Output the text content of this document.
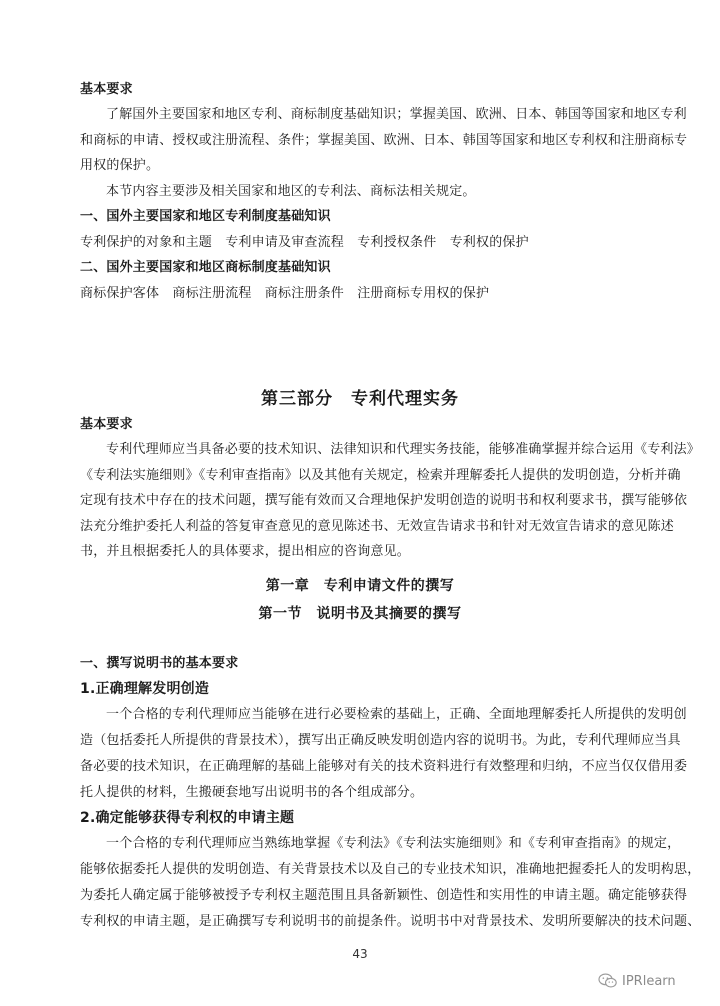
基本要求
了解国外主要国家和地区专利、商标制度基础知识；掌握美国、欧洲、日本、韩国等国家和地区专利
和商标的申请、授权或注册流程、条件；掌握美国、欧洲、日本、韩国等国家和地区专利权和注册商标专
用权的保护。
本节内容主要涉及相关国家和地区的专利法、商标法相关规定。
一、国外主要国家和地区专利制度基础知识
专利保护的对象和主题　专利申请及审查流程　专利授权条件　专利权的保护
二、国外主要国家和地区商标制度基础知识
商标保护客体　商标注册流程　商标注册条件　注册商标专用权的保护
第三部分　专利代理实务
基本要求
专利代理师应当具备必要的技术知识、法律知识和代理实务技能，能够准确掌握并综合运用《专利法》
《专利法实施细则》《专利审查指南》以及其他有关规定，检索并理解委托人提供的发明创造，分析并确
定现有技术中存在的技术问题，撰写能有效而又合理地保护发明创造的说明书和权利要求书，撰写能够依
法充分维护委托人利益的答复审查意见的意见陈述书、无效宣告请求书和针对无效宣告请求的意见陈述
书，并且根据委托人的具体要求，提出相应的咨询意见。
第一章　专利申请文件的撰写
第一节　说明书及其摘要的撰写
一、撰写说明书的基本要求
1.正确理解发明创造
一个合格的专利代理师应当能够在进行必要检索的基础上，正确、全面地理解委托人所提供的发明创
造（包括委托人所提供的背景技术），撰写出正确反映发明创造内容的说明书。为此，专利代理师应当具
备必要的技术知识，在正确理解的基础上能够对有关的技术资料进行有效整理和归纳，不应当仅仅借用委
托人提供的材料，生搬硬套地写出说明书的各个组成部分。
2.确定能够获得专利权的申请主题
一个合格的专利代理师应当熟练地掌握《专利法》《专利法实施细则》和《专利审查指南》的规定，
能够依据委托人提供的发明创造、有关背景技术以及自己的专业技术知识，准确地把握委托人的发明构思，
为委托人确定属于能够被授予专利权主题范围且具备新颖性、创造性和实用性的申请主题。确定能够获得
专利权的申请主题，是正确撰写专利说明书的前提条件。说明书中对背景技术、发明所要解决的技术问题、
43
IPRlearn
